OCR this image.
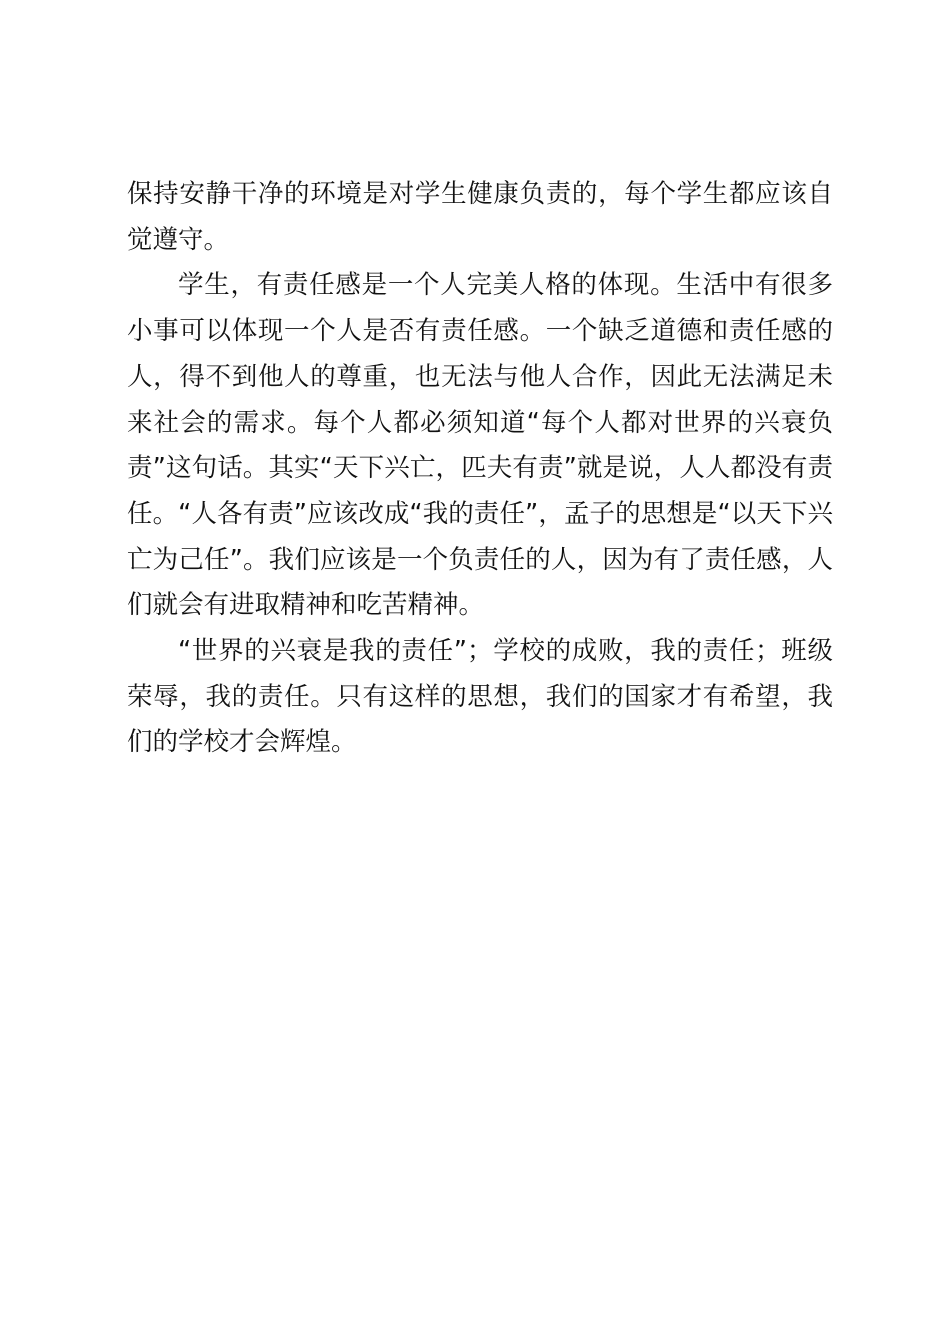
保持安静干净的环境是对学生健康负责的，每个学生都应该自觉遵守。

学生，有责任感是一个人完美人格的体现。生活中有很多小事可以体现一个人是否有责任感。一个缺乏道德和责任感的人，得不到他人的尊重，也无法与他人合作，因此无法满足未来社会的需求。每个人都必须知道“每个人都对世界的兴衰负责”这句话。其实“天下兴亡，匹夫有责”就是说，人人都没有责任。“人各有责”应该改成“我的责任”，孟子的思想是“以天下兴亡为己任”。我们应该是一个负责任的人，因为有了责任感，人们就会有进取精神和吃苦精神。

“世界的兴衰是我的责任”；学校的成败，我的责任；班级荣辱，我的责任。只有这样的思想，我们的国家才有希望，我们的学校才会辉煌。
